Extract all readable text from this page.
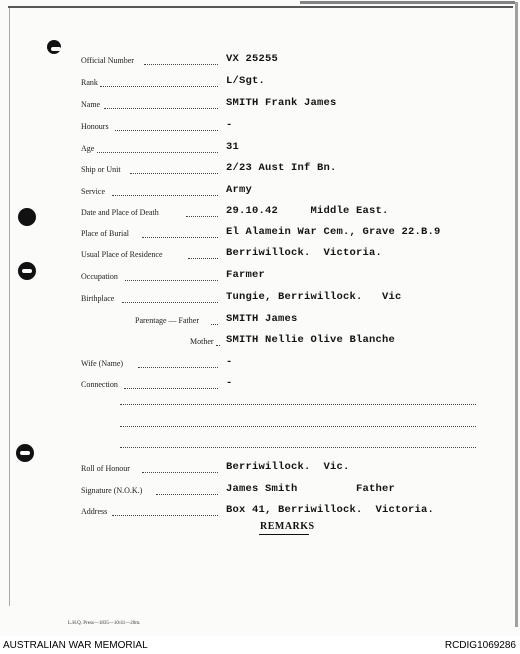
Official Number	VX 25255
Rank	L/Sgt.
Name	SMITH Frank James
Honours	-
Age	31
Ship or Unit	2/23 Aust Inf Bn.
Service	Army
Date and Place of Death	29.10.42     Middle East.
Place of Burial	El Alamein War Cem., Grave 22.B.9
Usual Place of Residence	Berriwillock.  Victoria.
Occupation	Farmer
Birthplace	Tungie, Berriwillock.   Vic
Parentage — Father	SMITH James
Mother SMITH Nellie Olive Blanche
Wife (Name)	-
Connection	-
Roll of Honour	Berriwillock.  Vic.
Signature (N.O.K.)	James Smith         Father
Address	Box 41, Berriwillock.  Victoria.
REMARKS
L.H.Q. Press—1835—10/41—20m.
AUSTRALIAN WAR MEMORIAL	RCDIG1069286
